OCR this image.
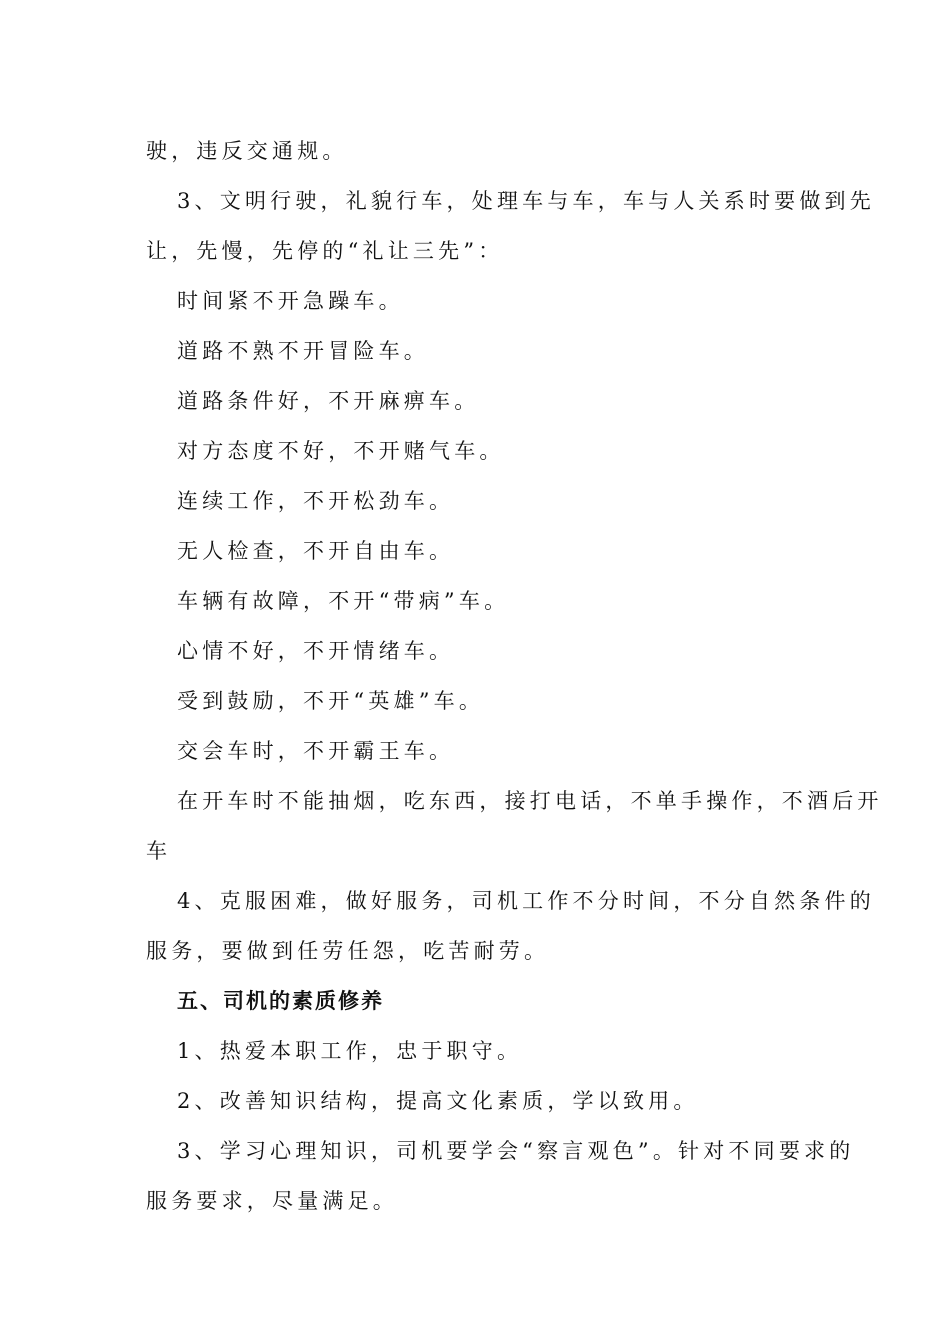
驶，违反交通规。
3、文明行驶，礼貌行车，处理车与车，车与人关系时要做到先
让，先慢，先停的“礼让三先”：
时间紧不开急躁车。
道路不熟不开冒险车。
道路条件好，不开麻痹车。
对方态度不好，不开赌气车。
连续工作，不开松劲车。
无人检查，不开自由车。
车辆有故障，不开“带病”车。
心情不好，不开情绪车。
受到鼓励，不开“英雄”车。
交会车时，不开霸王车。
在开车时不能抽烟，吃东西，接打电话，不单手操作，不酒后开
车
4、克服困难，做好服务，司机工作不分时间，不分自然条件的
服务，要做到任劳任怨，吃苦耐劳。
五、司机的素质修养
1、热爱本职工作，忠于职守。
2、改善知识结构，提高文化素质，学以致用。
3、学习心理知识，司机要学会“察言观色”。针对不同要求的
服务要求，尽量满足。
